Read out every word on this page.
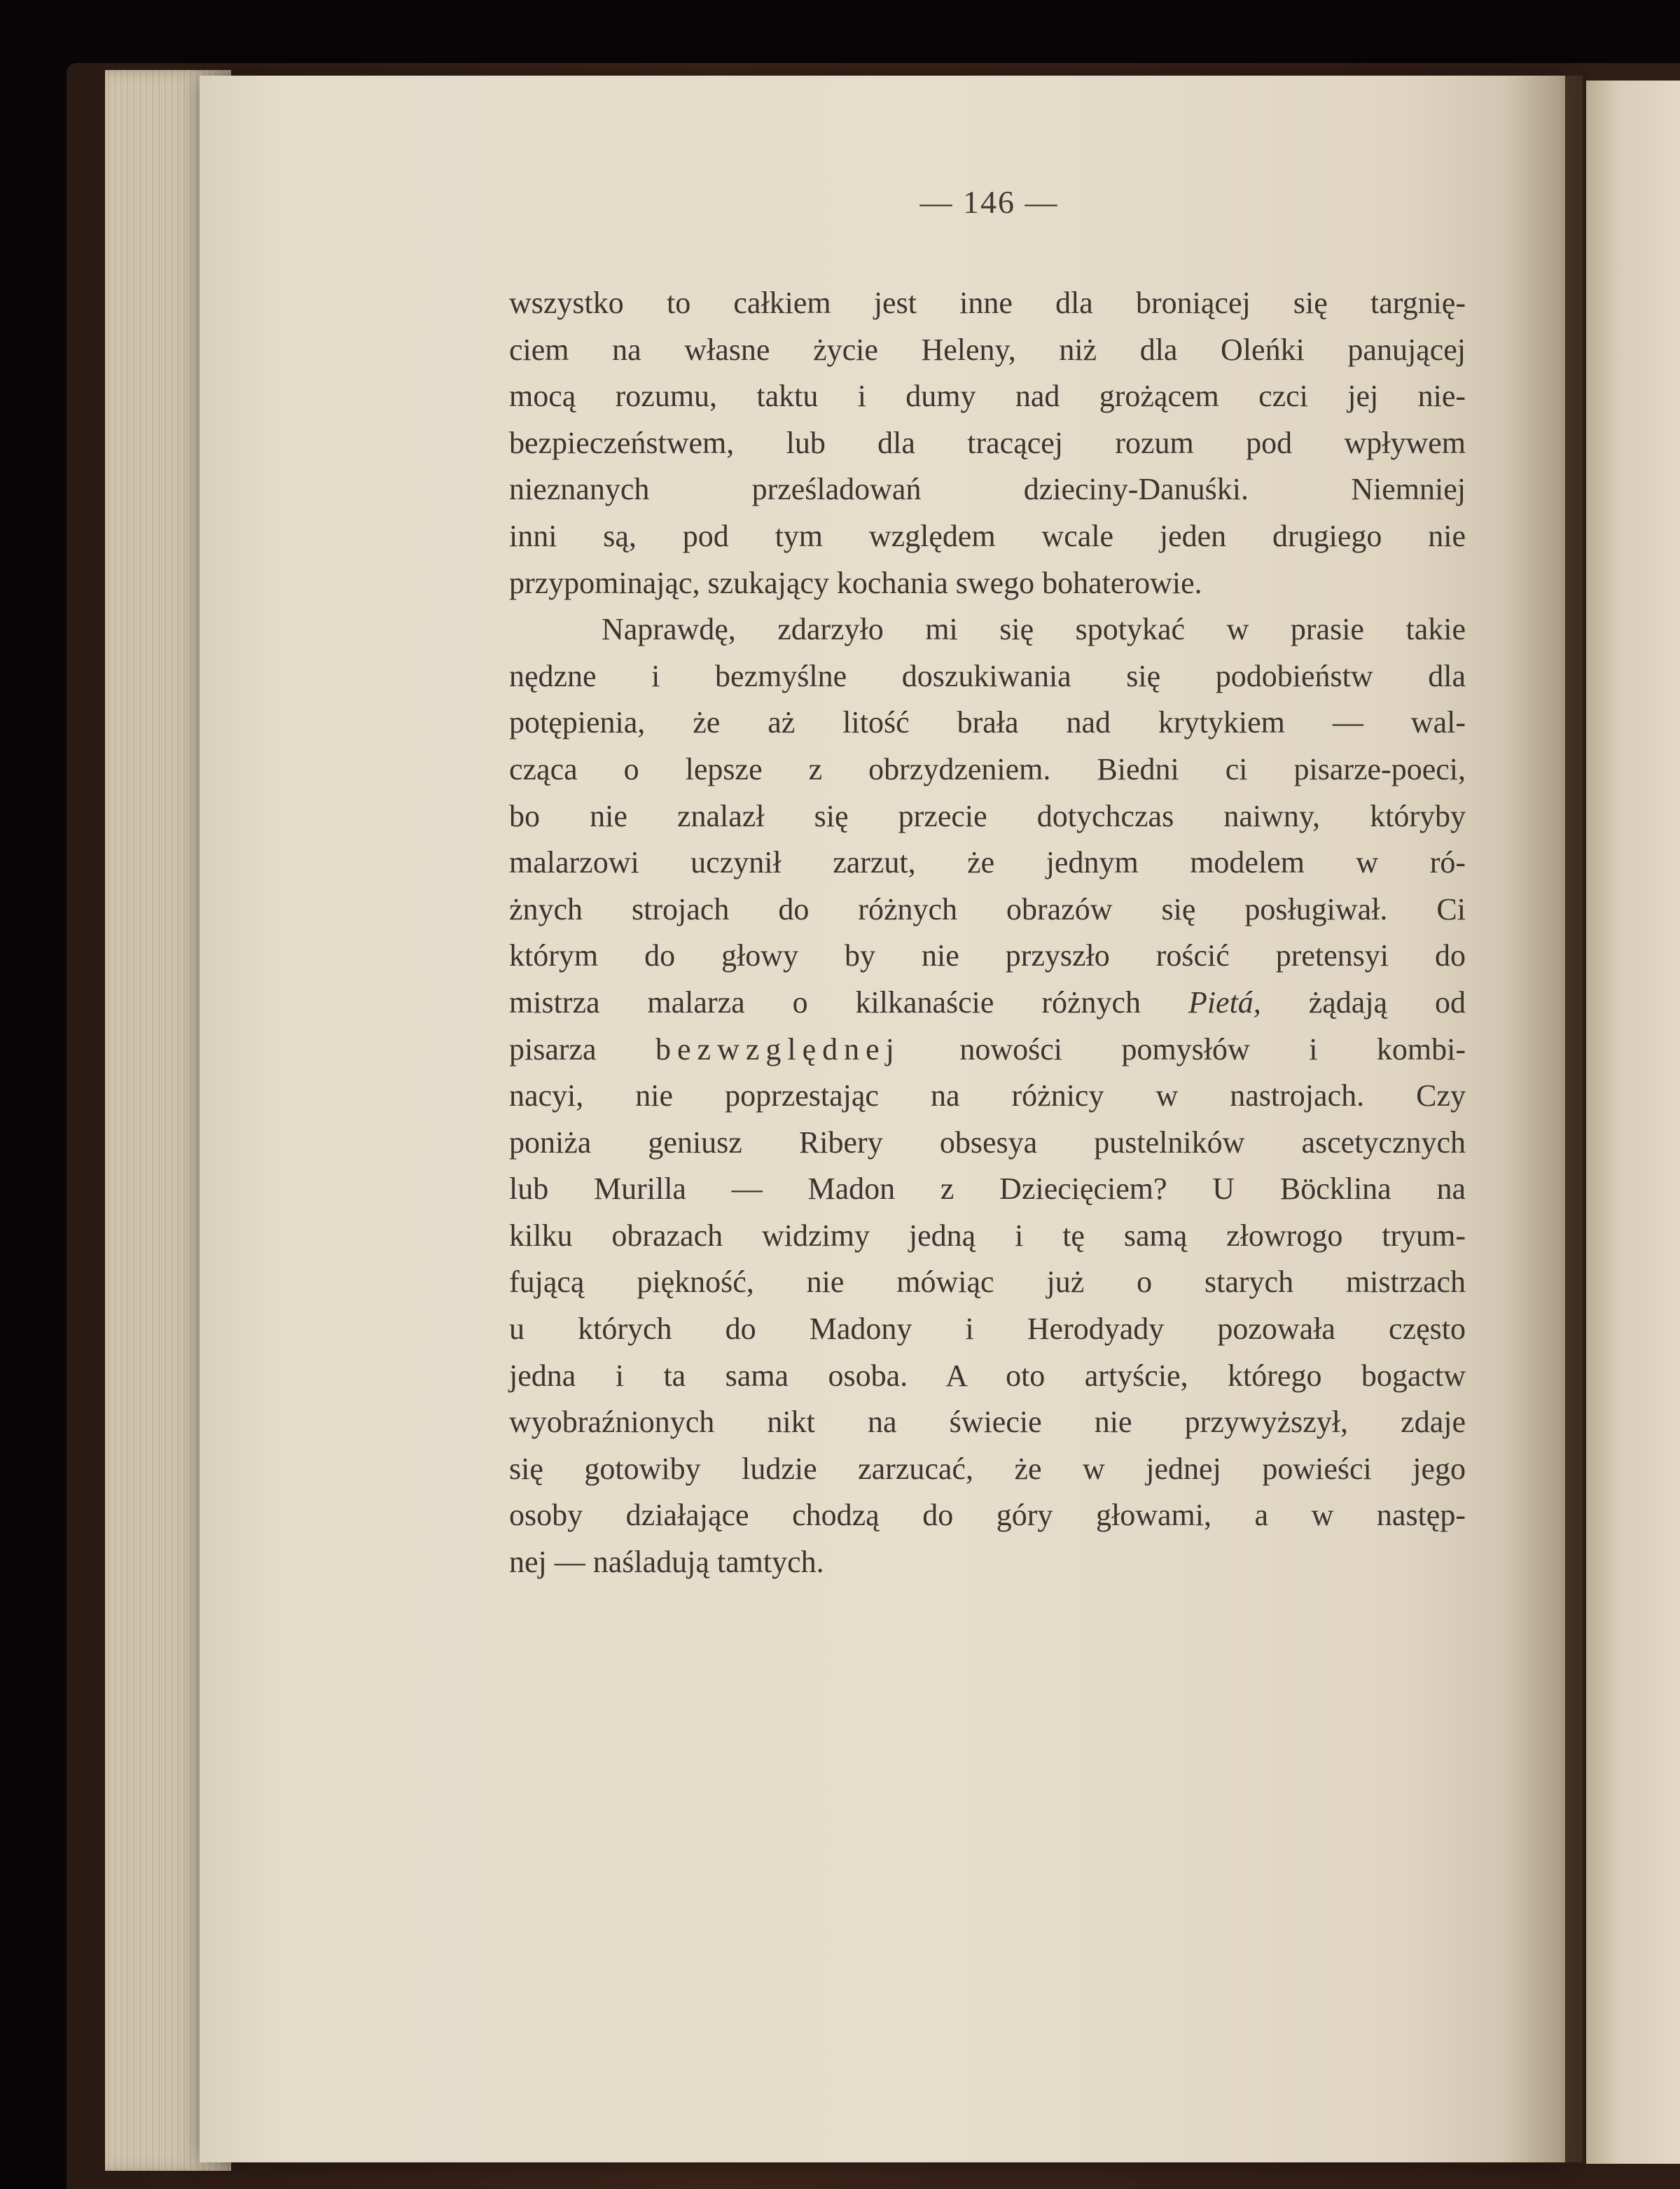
— 146 —
wszystko to całkiem jest inne dla broniącej się targnię-
ciem na własne życie Heleny, niż dla Oleńki panującej
mocą rozumu, taktu i dumy nad grożącem czci jej nie-
bezpieczeństwem, lub dla tracącej rozum pod wpływem
nieznanych prześladowań dzieciny-Danuśki. Niemniej
inni są, pod tym względem wcale jeden drugiego nie
przypominając, szukający kochania swego bohaterowie.
Naprawdę, zdarzyło mi się spotykać w prasie takie
nędzne i bezmyślne doszukiwania się podobieństw dla
potępienia, że aż litość brała nad krytykiem — wal-
cząca o lepsze z obrzydzeniem. Biedni ci pisarze-poeci,
bo nie znalazł się przecie dotychczas naiwny, któryby
malarzowi uczynił zarzut, że jednym modelem w ró-
żnych strojach do różnych obrazów się posługiwał. Ci
którym do głowy by nie przyszło rościć pretensyi do
mistrza malarza o kilkanaście różnych Pietá, żądają od
pisarza bezwzględnej nowości pomysłów i kombi-
nacyi, nie poprzestając na różnicy w nastrojach. Czy
poniża geniusz Ribery obsesya pustelników ascetycznych
lub Murilla — Madon z Dziecięciem? U Böcklina na
kilku obrazach widzimy jedną i tę samą złowrogo tryum-
fującą piękność, nie mówiąc już o starych mistrzach
u których do Madony i Herodyady pozowała często
jedna i ta sama osoba. A oto artyście, którego bogactw
wyobraźnionych nikt na świecie nie przywyższył, zdaje
się gotowiby ludzie zarzucać, że w jednej powieści jego
osoby działające chodzą do góry głowami, a w następ-
nej — naśladują tamtych.
